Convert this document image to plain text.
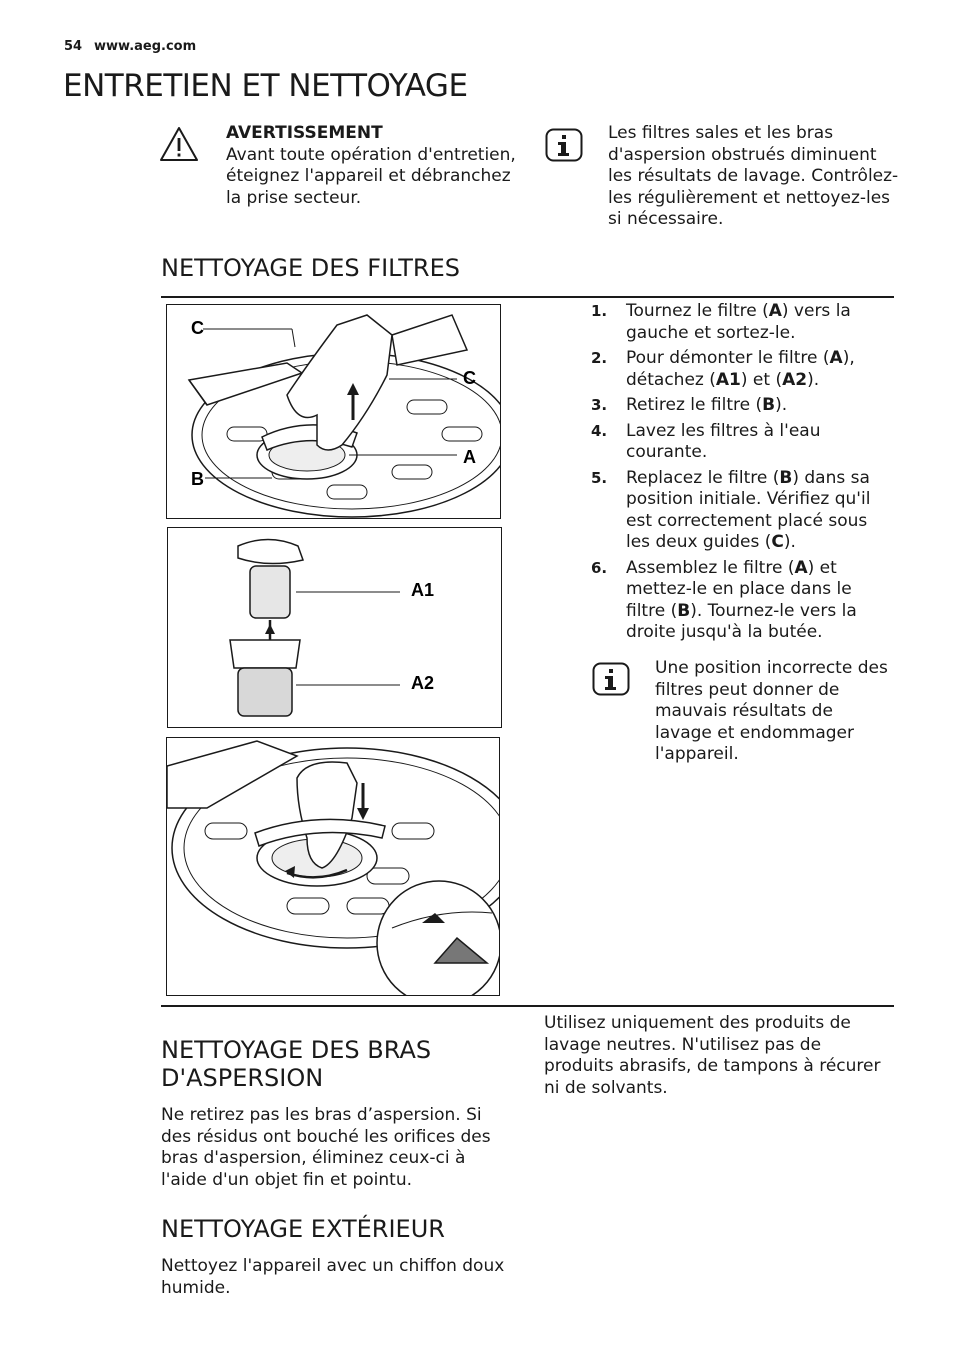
54 www.aeg.com
ENTRETIEN ET NETTOYAGE
AVERTISSEMENT
Avant toute opération d'entretien, éteignez l'appareil et débranchez la prise secteur.
Les filtres sales et les bras d'aspersion obstrués diminuent les résultats de lavage. Contrôlez-les régulièrement et nettoyez-les si nécessaire.
NETTOYAGE DES FILTRES
C
C
A
B
A1
A2
1. Tournez le filtre (A) vers la gauche et sortez-le.
2. Pour démonter le filtre (A), détachez (A1) et (A2).
3. Retirez le filtre (B).
4. Lavez les filtres à l'eau courante.
5. Replacez le filtre (B) dans sa position initiale. Vérifiez qu'il est correctement placé sous les deux guides (C).
6. Assemblez le filtre (A) et mettez-le en place dans le filtre (B). Tournez-le vers la droite jusqu'à la butée.
Une position incorrecte des filtres peut donner de mauvais résultats de lavage et endommager l'appareil.
NETTOYAGE DES BRAS D'ASPERSION
Ne retirez pas les bras d’aspersion. Si des résidus ont bouché les orifices des bras d'aspersion, éliminez ceux-ci à l'aide d'un objet fin et pointu.
NETTOYAGE EXTÉRIEUR
Nettoyez l'appareil avec un chiffon doux humide.
Utilisez uniquement des produits de lavage neutres. N'utilisez pas de produits abrasifs, de tampons à récurer ni de solvants.
